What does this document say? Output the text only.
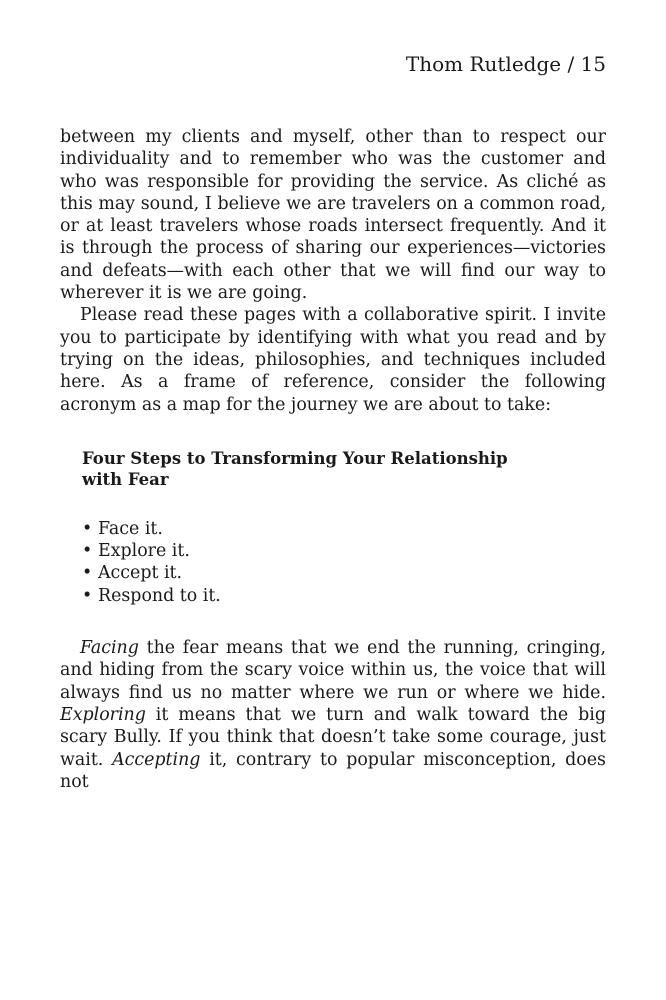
Thom Rutledge / 15

between my clients and myself, other than to respect our individuality and to remember who was the customer and who was responsible for providing the service. As cliché as this may sound, I believe we are travelers on a common road, or at least travelers whose roads intersect frequently. And it is through the process of sharing our experiences—victories and defeats—with each other that we will find our way to wherever it is we are going.

Please read these pages with a collaborative spirit. I invite you to participate by identifying with what you read and by trying on the ideas, philosophies, and techniques included here. As a frame of reference, consider the following acronym as a map for the journey we are about to take:

Four Steps to Transforming Your Relationship with Fear
• Face it.
• Explore it.
• Accept it.
• Respond to it.

Facing the fear means that we end the running, cringing, and hiding from the scary voice within us, the voice that will always find us no matter where we run or where we hide. Exploring it means that we turn and walk toward the big scary Bully. If you think that doesn’t take some courage, just wait. Accepting it, contrary to popular misconception, does not
